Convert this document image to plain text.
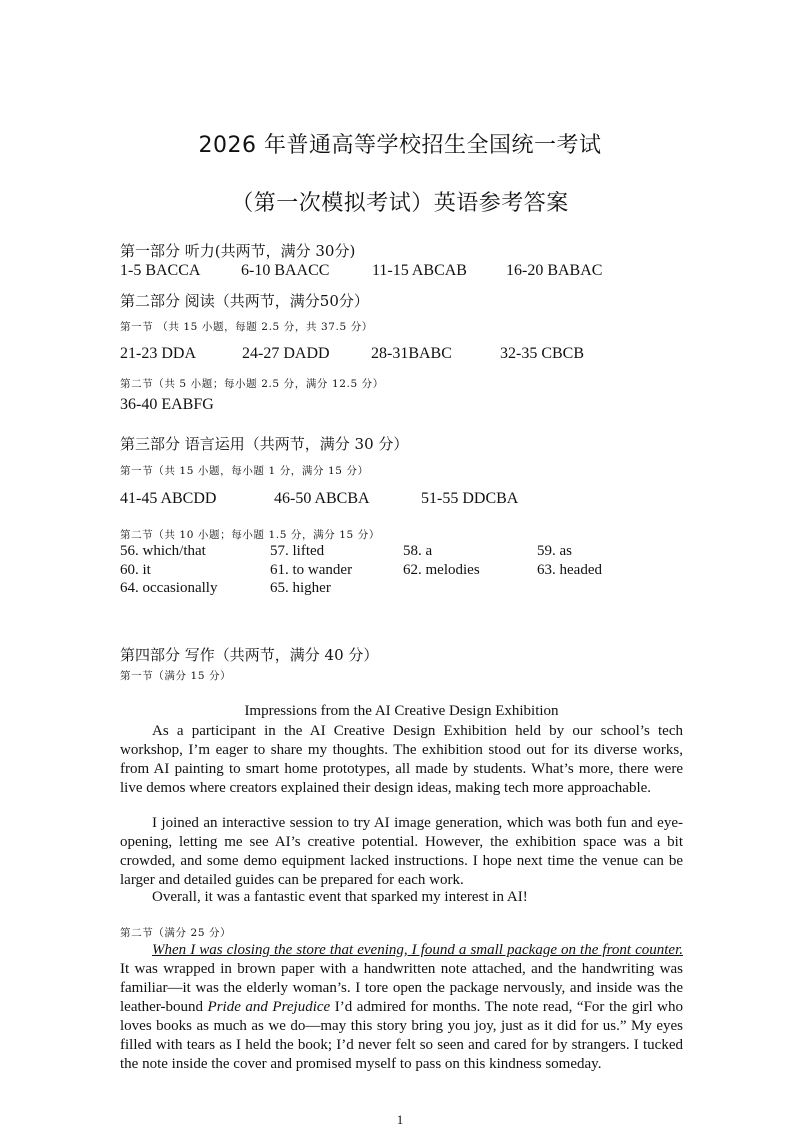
2026 年普通高等学校招生全国统一考试
（第一次模拟考试）英语参考答案
第一部分 听力(共两节，满分 30分)
1-5 BACCA	6-10 BAACC	11-15 ABCAB 16-20 BABAC
第二部分 阅读（共两节，满分50分）
第一节 （共 15 小题，每题 2.5 分，共 37.5 分）
21-23 DDA	24-27 DADD	28-31BABC	32-35 CBCB
第二节（共 5 小题；每小题 2.5 分，满分 12.5 分）
36-40 EABFG
第三部分 语言运用（共两节，满分 30 分）
第一节（共 15 小题，每小题 1 分，满分 15 分）
41-45 ABCDD	46-50 ABCBA	51-55 DDCBA
第二节（共 10 小题；每小题 1.5 分，满分 15 分）
56. which/that	57. lifted	58. a	59. as
60. it	61. to wander	62. melodies	63. headed
64. occasionally	65. higher
第四部分 写作（共两节，满分 40 分）
第一节（满分 15 分）
Impressions from the AI Creative Design Exhibition
As a participant in the AI Creative Design Exhibition held by our school’s tech workshop, I’m eager to share my thoughts. The exhibition stood out for its diverse works, from AI painting to smart home prototypes, all made by students. What’s more, there were live demos where creators explained their design ideas, making tech more approachable.
I joined an interactive session to try AI image generation, which was both fun and eye-opening, letting me see AI’s creative potential. However, the exhibition space was a bit crowded, and some demo equipment lacked instructions. I hope next time the venue can be larger and detailed guides can be prepared for each work.
Overall, it was a fantastic event that sparked my interest in AI!
第二节（满分 25 分）
When I was closing the store that evening, I found a small package on the front counter. It was wrapped in brown paper with a handwritten note attached, and the handwriting was familiar—it was the elderly woman’s. I tore open the package nervously, and inside was the leather-bound Pride and Prejudice I’d admired for months. The note read, “For the girl who loves books as much as we do—may this story bring you joy, just as it did for us.” My eyes filled with tears as I held the book; I’d never felt so seen and cared for by strangers. I tucked the note inside the cover and promised myself to pass on this kindness someday.
1
